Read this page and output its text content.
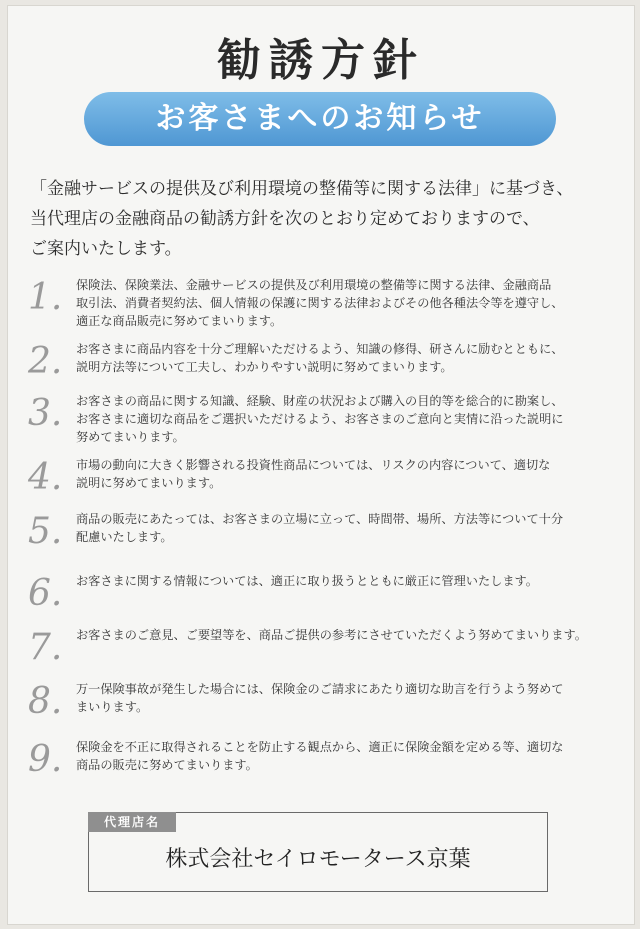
勧誘方針
お客さまへのお知らせ
「金融サービスの提供及び利用環境の整備等に関する法律」に基づき、
当代理店の金融商品の勧誘方針を次のとおり定めておりますので、
ご案内いたします。
1. 保険法、保険業法、金融サービスの提供及び利用環境の整備等に関する法律、金融商品
取引法、消費者契約法、個人情報の保護に関する法律およびその他各種法令等を遵守し、
適正な商品販売に努めてまいります。
2. お客さまに商品内容を十分ご理解いただけるよう、知識の修得、研さんに励むとともに、
説明方法等について工夫し、わかりやすい説明に努めてまいります。
3. お客さまの商品に関する知識、経験、財産の状況および購入の目的等を総合的に勘案し、
お客さまに適切な商品をご選択いただけるよう、お客さまのご意向と実情に沿った説明に
努めてまいります。
4. 市場の動向に大きく影響される投資性商品については、リスクの内容について、適切な
説明に努めてまいります。
5. 商品の販売にあたっては、お客さまの立場に立って、時間帯、場所、方法等について十分
配慮いたします。
6. お客さまに関する情報については、適正に取り扱うとともに厳正に管理いたします。
7. お客さまのご意見、ご要望等を、商品ご提供の参考にさせていただくよう努めてまいります。
8. 万一保険事故が発生した場合には、保険金のご請求にあたり適切な助言を行うよう努めて
まいります。
9. 保険金を不正に取得されることを防止する観点から、適正に保険金額を定める等、適切な
商品の販売に努めてまいります。
代理店名
株式会社セイロモータース京葉
